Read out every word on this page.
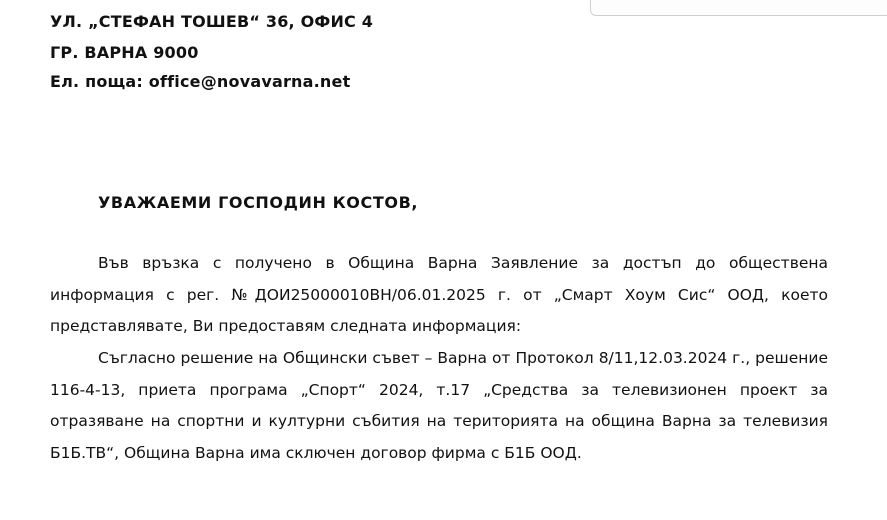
УЛ. „СТЕФАН ТОШЕВ“ 36, ОФИС 4
ГР. ВАРНА 9000
Ел. поща: office@novavarna.net
УВАЖАЕМИ ГОСПОДИН КОСТОВ,
Във връзка с получено в Община Варна Заявление за достъп до обществена информация с рег. №ДОИ25000010ВН/06.01.2025 г. от „Смарт Хоум Сис“ ООД, което представлявате, Ви предоставям следната информация:
Съгласно решение на Общински съвет – Варна от Протокол 8/11,12.03.2024 г., решение 116-4-13, приета програма „Спорт“ 2024, т.17 „Средства за телевизионен проект за отразяване на спортни и културни събития на територията на община Варна за телевизия Б1Б.ТВ“, Община Варна има сключен договор фирма с Б1Б ООД.
